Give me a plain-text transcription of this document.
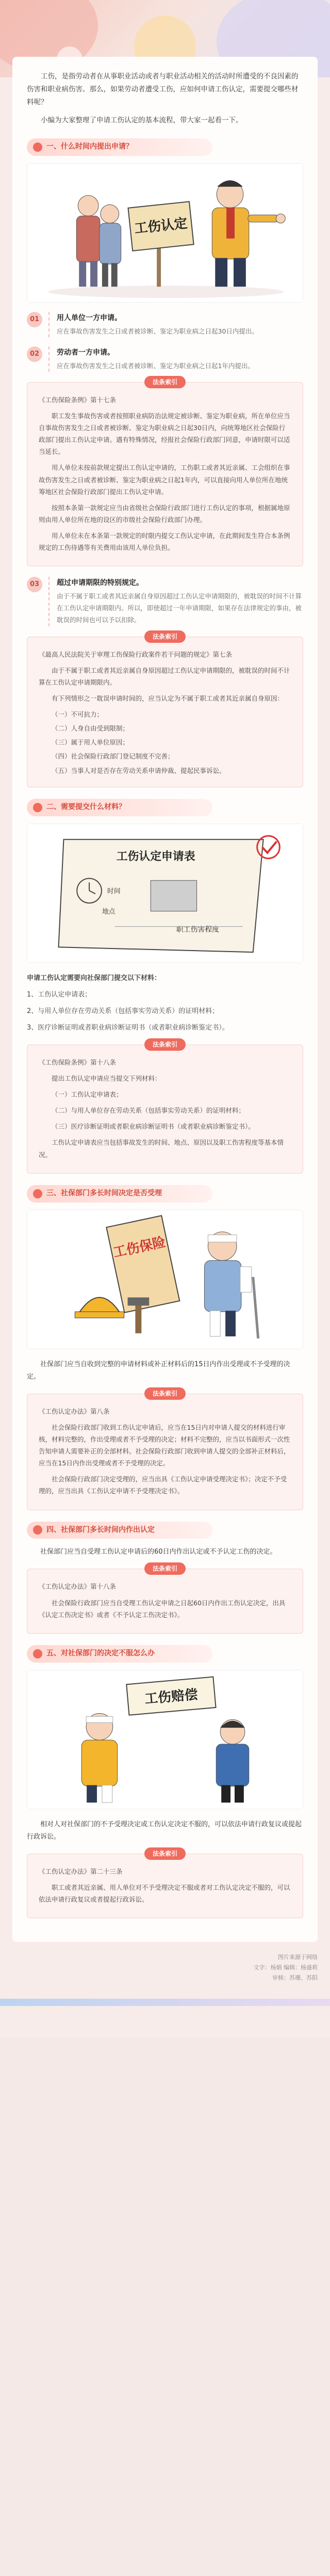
工伤，是指劳动者在从事职业活动或者与职业活动相关的活动时所遭受的不良因素的伤害和职业病伤害。那么，如果劳动者遭受工伤，应如何申请工伤认定，需要提交哪些材料呢？

小编为大家整理了申请工伤认定的基本流程，带大家一起看一下。

一、什么时间内提出申请？
工伤认定
01	用人单位一方申请。
应在事故伤害发生之日或者被诊断、鉴定为职业病之日起30日内提出。
02	劳动者一方申请。
应在事故伤害发生之日或者被诊断、鉴定为职业病之日起1年内提出。
法条索引

《工伤保险条例》第十七条

职工发生事故伤害或者按照职业病防治法规定被诊断、鉴定为职业病，所在单位应当自事故伤害发生之日或者被诊断、鉴定为职业病之日起30日内，向统筹地区社会保险行政部门提出工伤认定申请。遇有特殊情况，经报社会保险行政部门同意，申请时限可以适当延长。

用人单位未按前款规定提出工伤认定申请的，工伤职工或者其近亲属、工会组织在事故伤害发生之日或者被诊断、鉴定为职业病之日起1年内，可以直接向用人单位所在地统筹地区社会保险行政部门提出工伤认定申请。

按照本条第一款规定应当由省级社会保险行政部门进行工伤认定的事项，根据属地原则由用人单位所在地的设区的市级社会保险行政部门办理。

用人单位未在本条第一款规定的时限内提交工伤认定申请，在此期间发生符合本条例规定的工伤待遇等有关费用由该用人单位负担。

03	超过申请期限的特别规定。
由于不属于职工或者其近亲属自身原因超过工伤认定申请期限的，被耽误的时间不计算在工伤认定申请期限内。所以，即使超过一年申请期限，如果存在法律规定的事由，被耽误的时间也可以予以扣除。
法条索引

《最高人民法院关于审理工伤保险行政案件若干问题的规定》第七条

由于不属于职工或者其近亲属自身原因超过工伤认定申请期限的，被耽误的时间不计算在工伤认定申请期限内。

有下列情形之一耽误申请时间的，应当认定为不属于职工或者其近亲属自身原因：

（一）不可抗力；

（二）人身自由受到限制；

（三）属于用人单位原因；

（四）社会保险行政部门登记制度不完善；

（五）当事人对是否存在劳动关系申请仲裁、提起民事诉讼。

二、需要提交什么材料？
工伤认定申请表
时间
地点
职工伤害程度

申请工伤认定需要向社保部门提交以下材料：

1、工伤认定申请表；

2、与用人单位存在劳动关系（包括事实劳动关系）的证明材料；

3、医疗诊断证明或者职业病诊断证明书（或者职业病诊断鉴定书）。

法条索引

《工伤保险条例》第十八条

提出工伤认定申请应当提交下列材料：

（一）工伤认定申请表；

（二）与用人单位存在劳动关系（包括事实劳动关系）的证明材料；

（三）医疗诊断证明或者职业病诊断证明书（或者职业病诊断鉴定书）。

工伤认定申请表应当包括事故发生的时间、地点、原因以及职工伤害程度等基本情况。

三、社保部门多长时间决定是否受理
工伤保险

社保部门应当自收到完整的申请材料或补正材料后的15日内作出受理或不予受理的决定。

法条索引

《工伤认定办法》第八条

社会保险行政部门收到工伤认定申请后，应当在15日内对申请人提交的材料进行审核，材料完整的，作出受理或者不予受理的决定；材料不完整的，应当以书面形式一次性告知申请人需要补正的全部材料。社会保险行政部门收到申请人提交的全部补正材料后，应当在15日内作出受理或者不予受理的决定。

社会保险行政部门决定受理的，应当出具《工伤认定申请受理决定书》；决定不予受理的，应当出具《工伤认定申请不予受理决定书》。

四、社保部门多长时间内作出认定

社保部门应当自受理工伤认定申请后的60日内作出认定或不予认定工伤的决定。

法条索引

《工伤认定办法》第十八条

社会保险行政部门应当自受理工伤认定申请之日起60日内作出工伤认定决定，出具《认定工伤决定书》或者《不予认定工伤决定书》。

五、对社保部门的决定不服怎么办
工伤赔偿

相对人对社保部门的不予受理决定或工伤认定决定不服的，可以依法申请行政复议或提起行政诉讼。

法条索引

《工伤认定办法》第二十三条

职工或者其近亲属、用人单位对不予受理决定不服或者对工伤认定决定不服的，可以依法申请行政复议或者提起行政诉讼。

图片来源于网络
文字：杨娟 编辑：杨盛莉
审核：苏珊、苏阳
